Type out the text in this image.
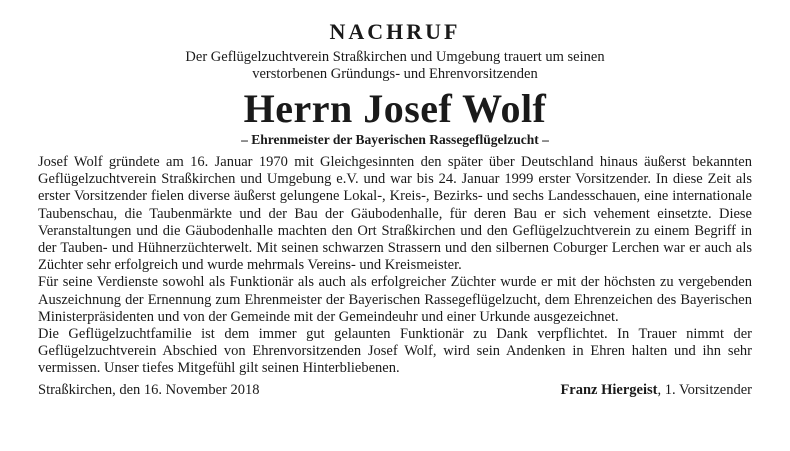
NACHRUF
Der Geflügelzuchtverein Straßkirchen und Umgebung trauert um seinen
verstorbenen Gründungs- und Ehrenvorsitzenden
Herrn Josef Wolf
– Ehrenmeister der Bayerischen Rassegeflügelzucht –

Josef Wolf gründete am 16. Januar 1970 mit Gleichgesinnten den später über Deutschland hinaus äußerst bekannten Geflügelzuchtverein Straßkirchen und Umgebung e.V. und war bis 24. Januar 1999 erster Vorsitzender. In diese Zeit als erster Vorsitzender fielen diverse äußerst gelungene Lokal-, Kreis-, Bezirks- und sechs Landesschauen, eine internationale Taubenschau, die Taubenmärkte und der Bau der Gäubodenhalle, für deren Bau er sich vehement einsetzte. Diese Veranstaltungen und die Gäubodenhalle machten den Ort Straßkirchen und den Geflügelzuchtverein zu einem Begriff in der Tauben- und Hühnerzüchterwelt. Mit seinen schwarzen Strassern und den silbernen Coburger Lerchen war er auch als Züchter sehr erfolgreich und wurde mehrmals Vereins- und Kreismeister.

Für seine Verdienste sowohl als Funktionär als auch als erfolgreicher Züchter wurde er mit der höchsten zu vergebenden Auszeichnung der Ernennung zum Ehrenmeister der Bayerischen Rassegeflügelzucht, dem Ehrenzeichen des Bayerischen Ministerpräsidenten und von der Gemeinde mit der Gemeindeuhr und einer Urkunde ausgezeichnet.

Die Geflügelzuchtfamilie ist dem immer gut gelaunten Funktionär zu Dank verpflichtet. In Trauer nimmt der Geflügelzuchtverein Abschied von Ehrenvorsitzenden Josef Wolf, wird sein Andenken in Ehren halten und ihn sehr vermissen. Unser tiefes Mitgefühl gilt seinen Hinterbliebenen.

Straßkirchen, den 16. November 2018	Franz Hiergeist, 1. Vorsitzender
